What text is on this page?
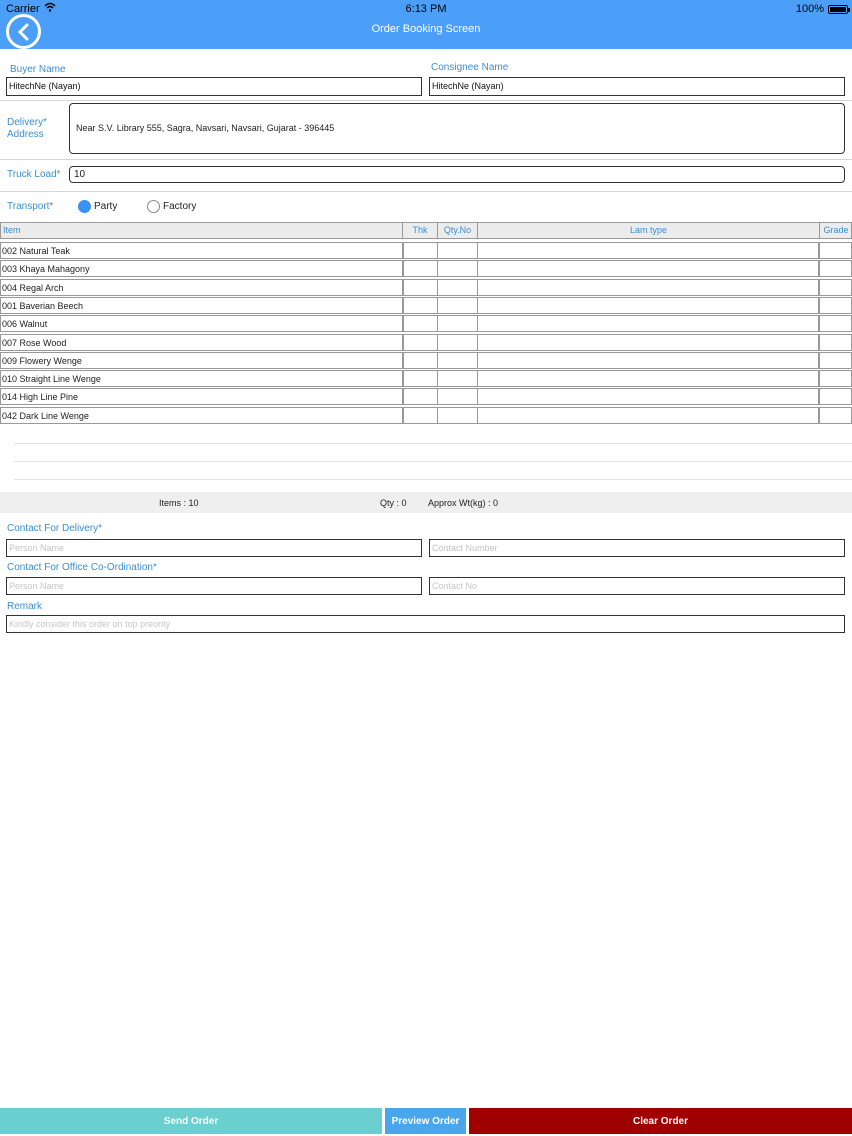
Carrier	6:13 PM	100%
Order Booking Screen
Buyer Name
HitechNe (Nayan)
Consignee Name
HitechNe (Nayan)
Delivery*
Address
Near S.V. Library 555, Sagra, Navsari, Navsari, Gujarat - 396445
Truck Load*	10
Transport*	Party	Factory
Item	Thk	Qty.No	Lam type	Grade
002 Natural Teak
003 Khaya Mahagony
004 Regal Arch
001 Baverian Beech
006 Walnut
007 Rose Wood
009 Flowery Wenge
010 Straight Line Wenge
014 High Line Pine
042 Dark Line Wenge
Items : 10	Qty : 0 Approx Wt(kg) : 0
Contact For Delivery*
Person Name	Contact Number
Contact For Office Co-Ordination*
Person Name	Contact No
Remark
Kindly consider this order on top preority
Send Order	Preview Order	Clear Order
